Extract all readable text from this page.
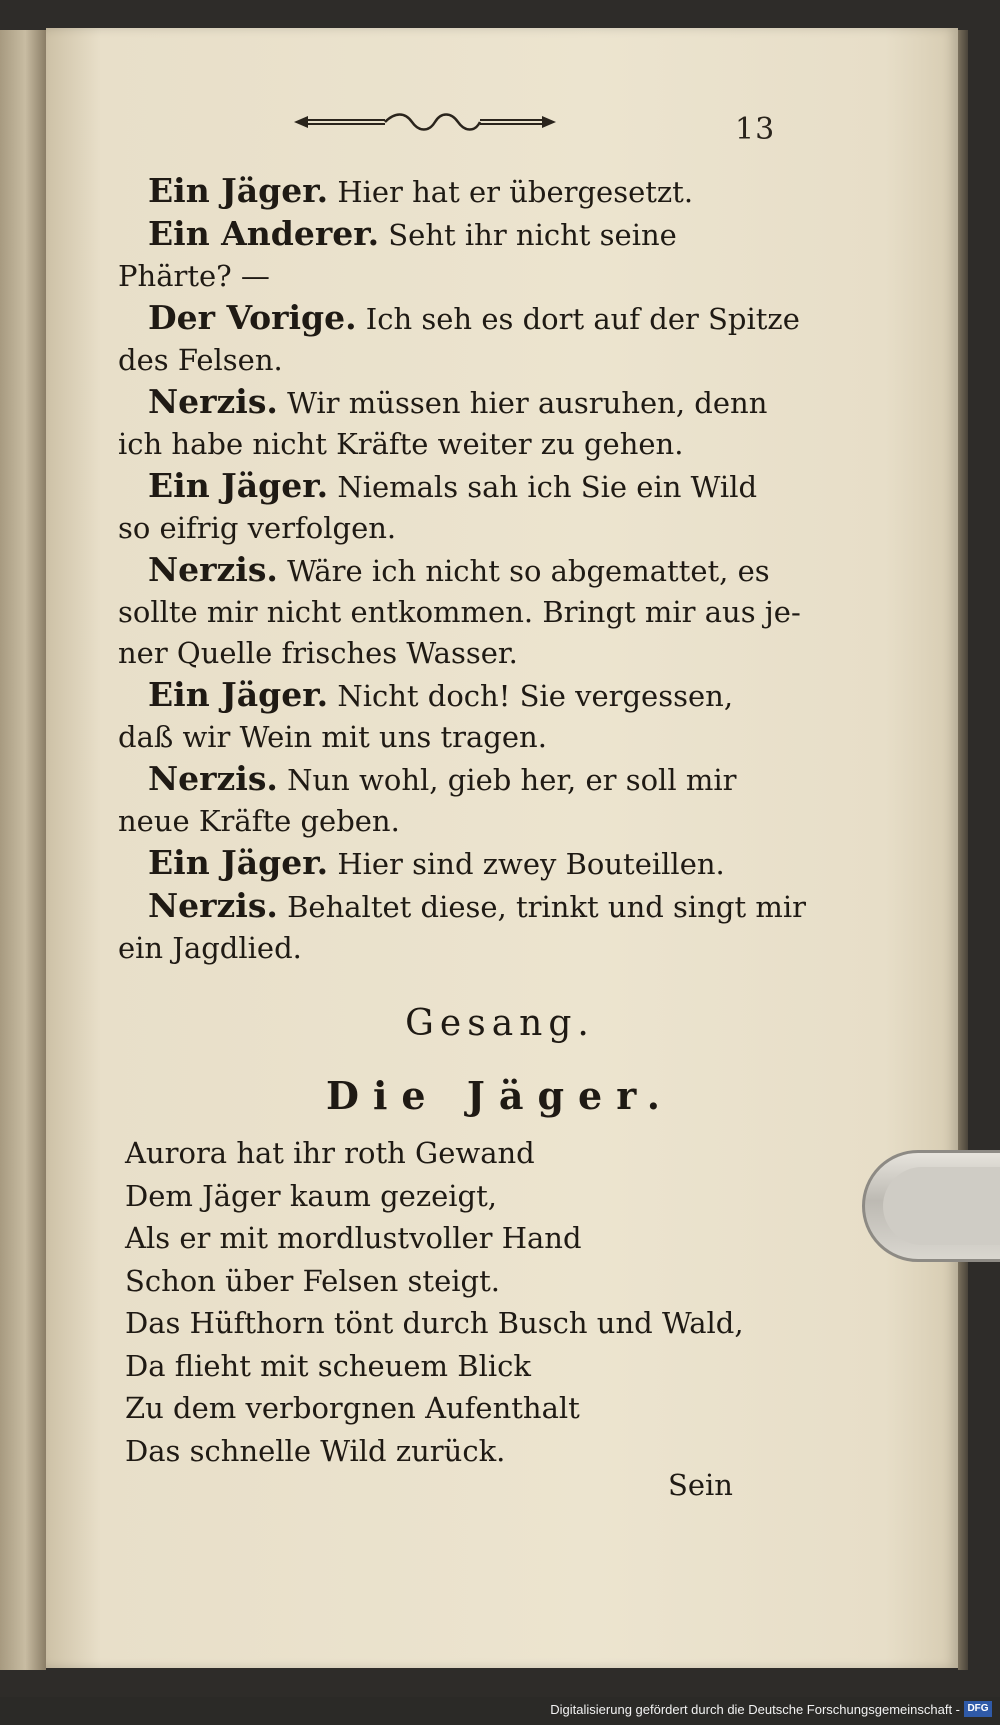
13
Ein Jäger. Hier hat er übergesetzt.
Ein Anderer. Seht ihr nicht seine
Phärte? —
Der Vorige. Ich seh es dort auf der Spitze
des Felsen.
Nerzis. Wir müssen hier ausruhen, denn
ich habe nicht Kräfte weiter zu gehen.
Ein Jäger. Niemals sah ich Sie ein Wild
so eifrig verfolgen.
Nerzis. Wäre ich nicht so abgemattet, es
sollte mir nicht entkommen. Bringt mir aus je-
ner Quelle frisches Wasser.
Ein Jäger. Nicht doch! Sie vergessen,
daß wir Wein mit uns tragen.
Nerzis. Nun wohl, gieb her, er soll mir
neue Kräfte geben.
Ein Jäger. Hier sind zwey Bouteillen.
Nerzis. Behaltet diese, trinkt und singt mir
ein Jagdlied.
Gesang.
Die Jäger.
Aurora hat ihr roth Gewand
Dem Jäger kaum gezeigt,
Als er mit mordlustvoller Hand
Schon über Felsen steigt.
Das Hüfthorn tönt durch Busch und Wald,
Da flieht mit scheuem Blick
Zu dem verborgnen Aufenthalt
Das schnelle Wild zurück.
Sein
Digitalisierung gefördert durch die Deutsche Forschungsgemeinschaft - DFG
